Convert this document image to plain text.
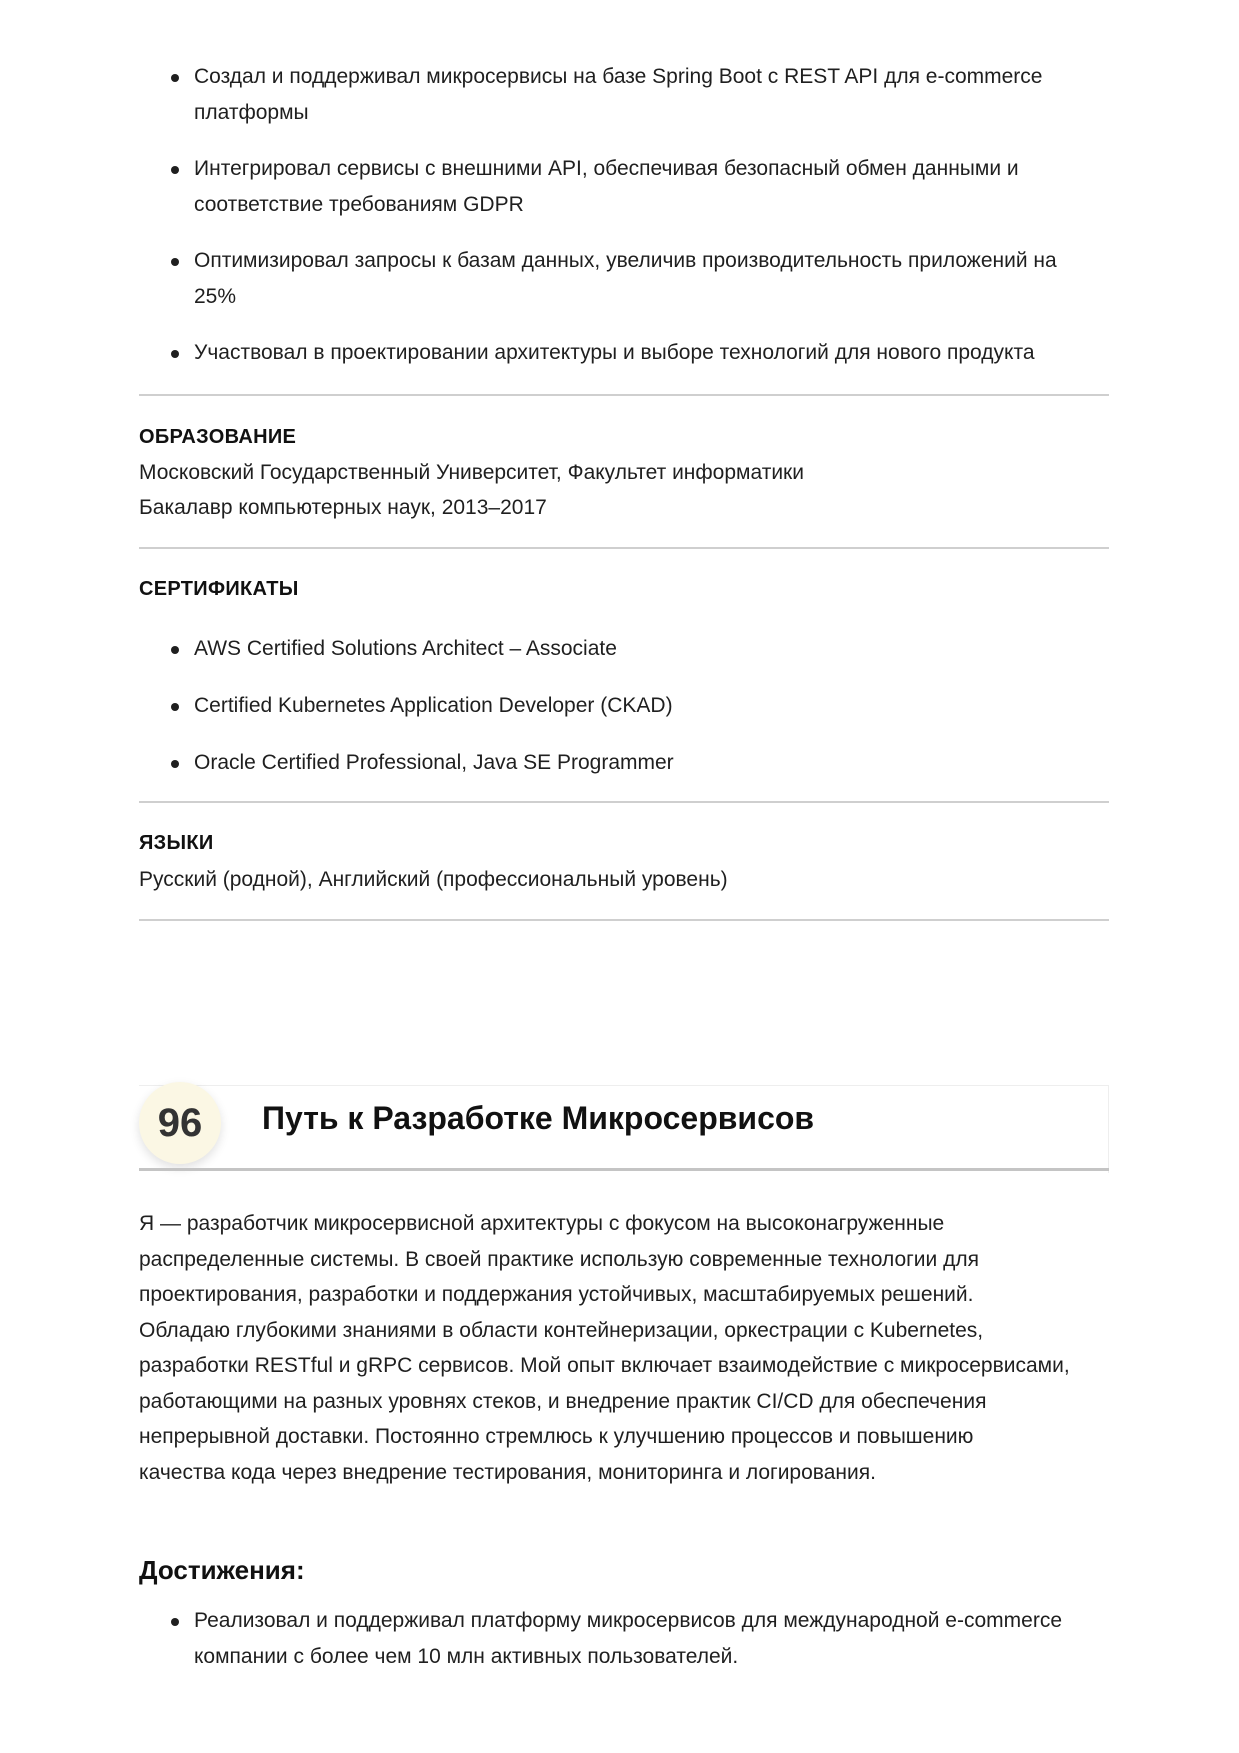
Создал и поддерживал микросервисы на базе Spring Boot с REST API для e-commerce
платформы
Интегрировал сервисы с внешними API, обеспечивая безопасный обмен данными и
соответствие требованиям GDPR
Оптимизировал запросы к базам данных, увеличив производительность приложений на
25%
Участвовал в проектировании архитектуры и выборе технологий для нового продукта
ОБРАЗОВАНИЕ
Московский Государственный Университет, Факультет информатики
Бакалавр компьютерных наук, 2013–2017
СЕРТИФИКАТЫ
AWS Certified Solutions Architect – Associate
Certified Kubernetes Application Developer (CKAD)
Oracle Certified Professional, Java SE Programmer
ЯЗЫКИ
Русский (родной), Английский (профессиональный уровень)
96	Путь к Разработке Микросервисов
Я — разработчик микросервисной архитектуры с фокусом на высоконагруженные
распределенные системы. В своей практике использую современные технологии для
проектирования, разработки и поддержания устойчивых, масштабируемых решений.
Обладаю глубокими знаниями в области контейнеризации, оркестрации с Kubernetes,
разработки RESTful и gRPC сервисов. Мой опыт включает взаимодействие с микросервисами,
работающими на разных уровнях стеков, и внедрение практик CI/CD для обеспечения
непрерывной доставки. Постоянно стремлюсь к улучшению процессов и повышению
качества кода через внедрение тестирования, мониторинга и логирования.
Достижения:
Реализовал и поддерживал платформу микросервисов для международной e-commerce
компании с более чем 10 млн активных пользователей.
